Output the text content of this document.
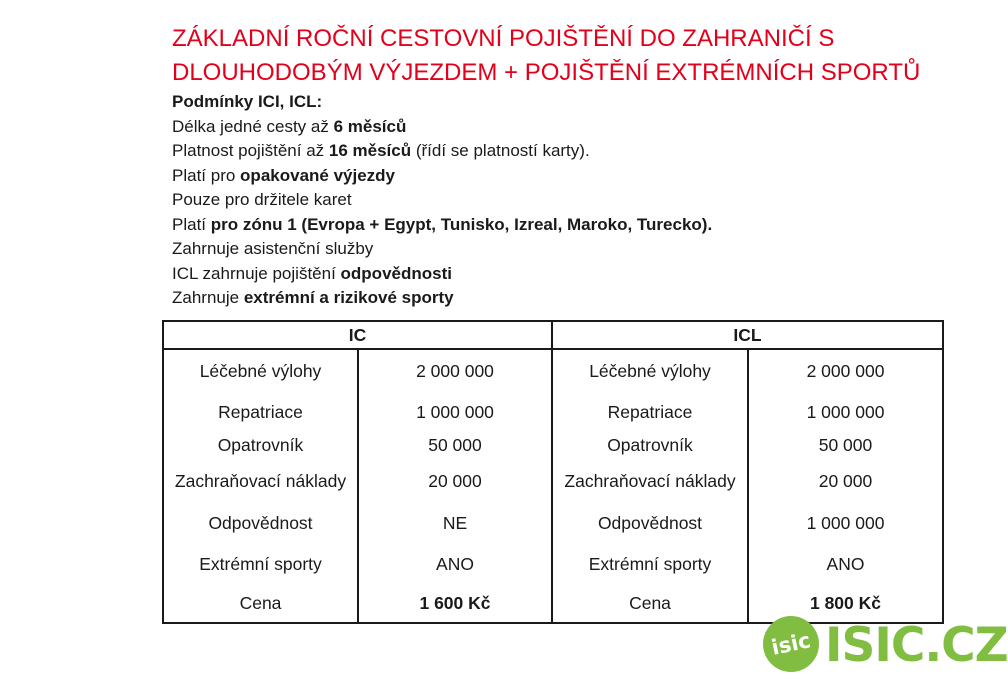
ZÁKLADNÍ ROČNÍ CESTOVNÍ POJIŠTĚNÍ DO ZAHRANIČÍ S
DLOUHODOBÝM VÝJEZDEM + POJIŠTĚNÍ EXTRÉMNÍCH SPORTŮ
Podmínky ICI, ICL:
Délka jedné cesty až 6 měsíců
Platnost pojištění až 16 měsíců (řídí se platností karty).
Platí pro opakované výjezdy
Pouze pro držitele karet
Platí pro zónu 1 (Evropa + Egypt, Tunisko, Izreal, Maroko, Turecko).
Zahrnuje asistenční služby
ICL zahrnuje pojištění odpovědnosti
Zahrnuje extrémní a rizikové sporty
IC		ICL	
Léčebné výlohy	2 000 000	Léčebné výlohy	2 000 000
Repatriace	1 000 000	Repatriace	1 000 000
Opatrovník	50 000	Opatrovník	50 000
Zachraňovací náklady	20 000	Zachraňovací náklady	20 000
Odpovědnost	NE	Odpovědnost	1 000 000
Extrémní sporty	ANO	Extrémní sporty	ANO
Cena	1 600 Kč	Cena	1 800 Kč
isic ISIC.CZ
